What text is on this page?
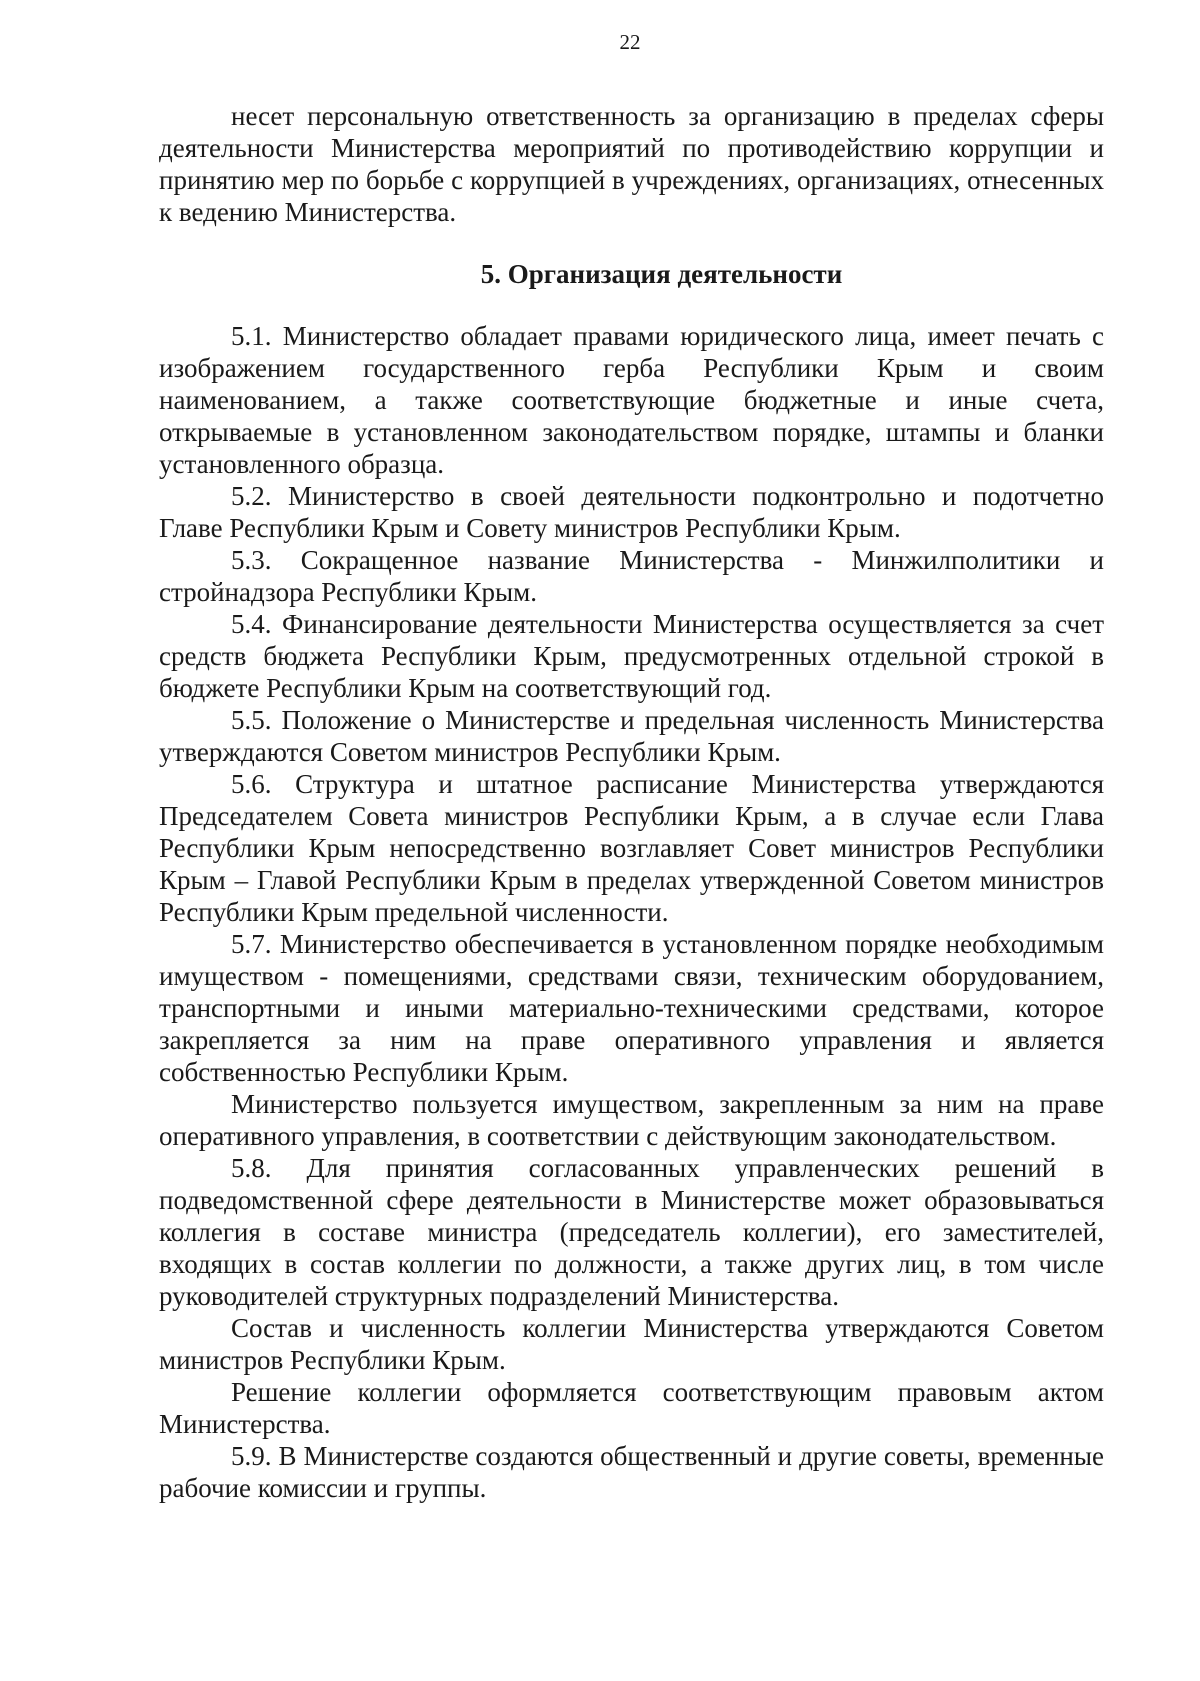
22

несет персональную ответственность за организацию в пределах сферы деятельности Министерства мероприятий по противодействию коррупции и принятию мер по борьбе с коррупцией в учреждениях, организациях, отнесенных к ведению Министерства.

5. Организация деятельности

5.1. Министерство обладает правами юридического лица, имеет печать с изображением государственного герба Республики Крым и своим наименованием, а также соответствующие бюджетные и иные счета, открываемые в установленном законодательством порядке, штампы и бланки установленного образца.

5.2. Министерство в своей деятельности подконтрольно и подотчетно Главе Республики Крым и Совету министров Республики Крым.

5.3. Сокращенное название Министерства - Минжилполитики и стройнадзора Республики Крым.

5.4. Финансирование деятельности Министерства осуществляется за счет средств бюджета Республики Крым, предусмотренных отдельной строкой в бюджете Республики Крым на соответствующий год.

5.5. Положение о Министерстве и предельная численность Министерства утверждаются Советом министров Республики Крым.

5.6. Структура и штатное расписание Министерства утверждаются Председателем Совета министров Республики Крым, а в случае если Глава Республики Крым непосредственно возглавляет Совет министров Республики Крым – Главой Республики Крым в пределах утвержденной Советом министров Республики Крым предельной численности.

5.7. Министерство обеспечивается в установленном порядке необходимым имуществом - помещениями, средствами связи, техническим оборудованием, транспортными и иными материально-техническими средствами, которое закрепляется за ним на праве оперативного управления и является собственностью Республики Крым.

Министерство пользуется имуществом, закрепленным за ним на праве оперативного управления, в соответствии с действующим законодательством.

5.8. Для принятия согласованных управленческих решений в подведомственной сфере деятельности в Министерстве может образовываться коллегия в составе министра (председатель коллегии), его заместителей, входящих в состав коллегии по должности, а также других лиц, в том числе руководителей структурных подразделений Министерства.

Состав и численность коллегии Министерства утверждаются Советом министров Республики Крым.

Решение коллегии оформляется соответствующим правовым актом Министерства.

5.9. В Министерстве создаются общественный и другие советы, временные рабочие комиссии и группы.
